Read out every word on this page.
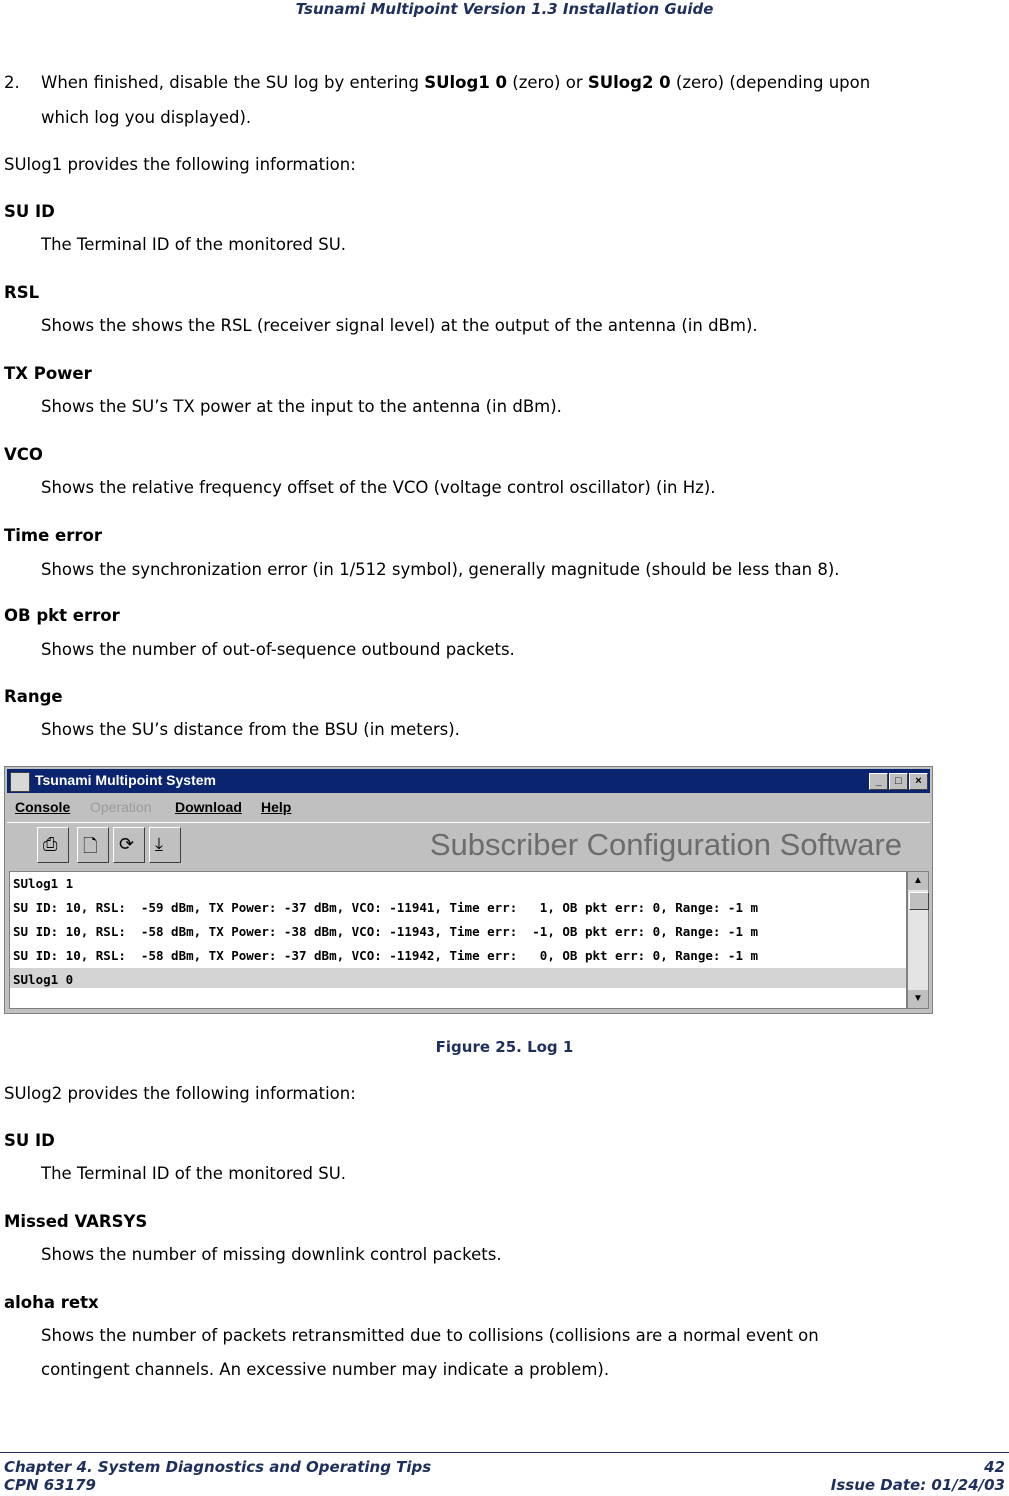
Tsunami Multipoint Version 1.3 Installation Guide
2. When finished, disable the SU log by entering SUlog1 0 (zero) or SUlog2 0 (zero) (depending upon
which log you displayed).
SUlog1 provides the following information:
SU ID
The Terminal ID of the monitored SU.
RSL
Shows the shows the RSL (receiver signal level) at the output of the antenna (in dBm).
TX Power
Shows the SU’s TX power at the input to the antenna (in dBm).
VCO
Shows the relative frequency offset of the VCO (voltage control oscillator) (in Hz).
Time error
Shows the synchronization error (in 1/512 symbol), generally magnitude (should be less than 8).
OB pkt error
Shows the number of out-of-sequence outbound packets.
Range
Shows the SU’s distance from the BSU (in meters).
Tsunami Multipoint System	_	□	×
Console Operation Download Help
⎙ 🗋 ⟳ ⤓	Subscriber Configuration Software
SUlog1 1
SU ID: 10, RSL:  -59 dBm, TX Power: -37 dBm, VCO: -11941, Time err:   1, OB pkt err: 0, Range: -1 m
SU ID: 10, RSL:  -58 dBm, TX Power: -38 dBm, VCO: -11943, Time err:  -1, OB pkt err: 0, Range: -1 m
SU ID: 10, RSL:  -58 dBm, TX Power: -37 dBm, VCO: -11942, Time err:   0, OB pkt err: 0, Range: -1 m
SUlog1 0
▲
▼
Figure 25. Log 1
SUlog2 provides the following information:
SU ID
The Terminal ID of the monitored SU.
Missed VARSYS
Shows the number of missing downlink control packets.
aloha retx
Shows the number of packets retransmitted due to collisions (collisions are a normal event on
contingent channels. An excessive number may indicate a problem).
Chapter 4. System Diagnostics and Operating Tips	42
CPN 63179	Issue Date: 01/24/03
